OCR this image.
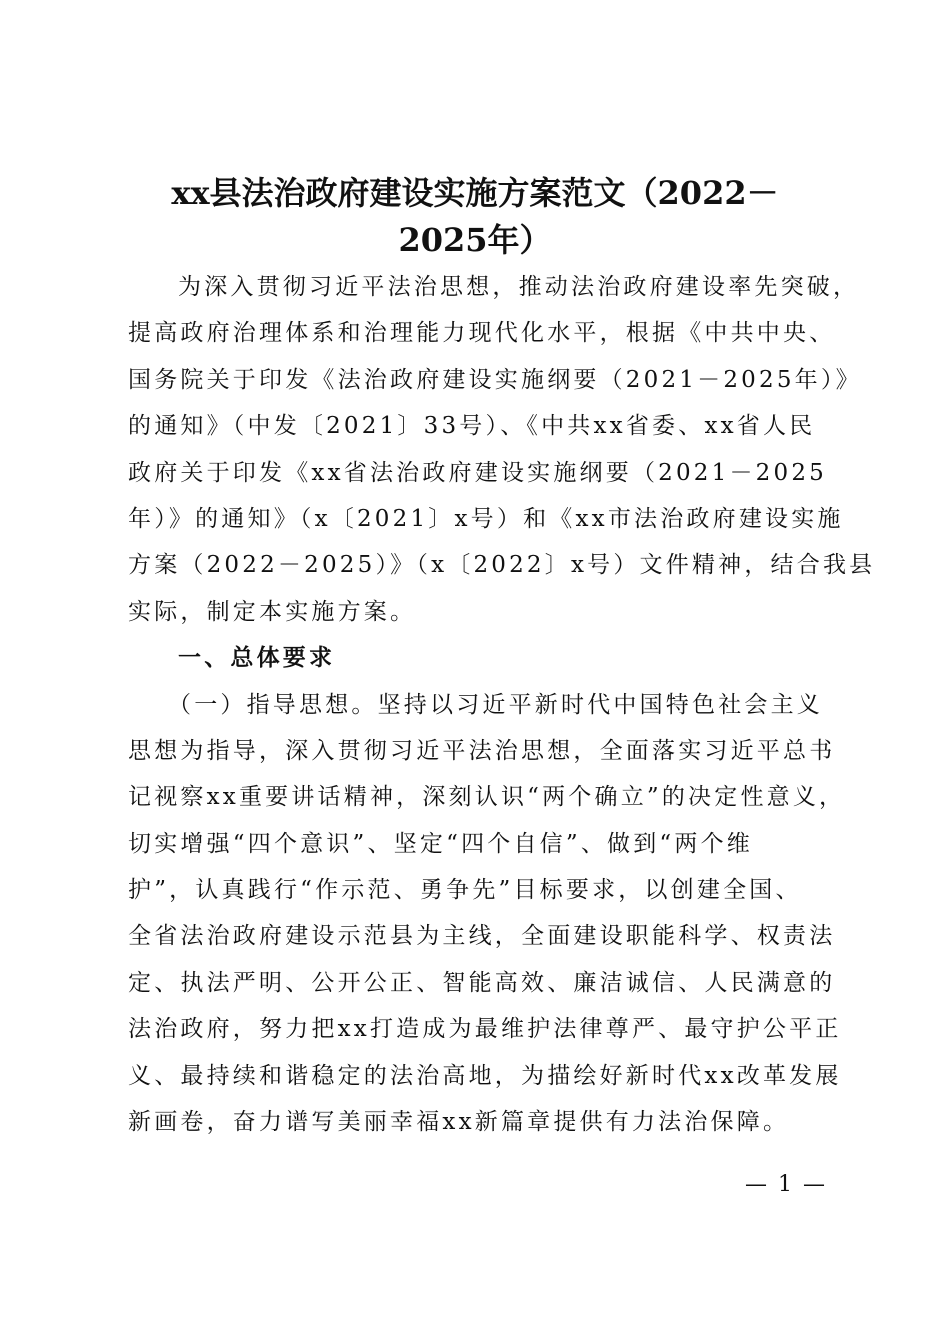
xx县法治政府建设实施方案范文（2022－
2025年）
为深入贯彻习近平法治思想，推动法治政府建设率先突破，
提高政府治理体系和治理能力现代化水平，根据《中共中央、
国务院关于印发《法治政府建设实施纲要（2021－2025年）》
的通知》（中发〔2021〕33号）、《中共xx省委、xx省人民
政府关于印发《xx省法治政府建设实施纲要（2021－2025
年）》的通知》（x〔2021〕x号）和《xx市法治政府建设实施
方案（2022－2025）》（x〔2022〕x号）文件精神，结合我县
实际，制定本实施方案。
一、总体要求
（一）指导思想。坚持以习近平新时代中国特色社会主义
思想为指导，深入贯彻习近平法治思想，全面落实习近平总书
记视察xx重要讲话精神，深刻认识“两个确立”的决定性意义，
切实增强“四个意识”、坚定“四个自信”、做到“两个维
护”，认真践行“作示范、勇争先”目标要求，以创建全国、
全省法治政府建设示范县为主线，全面建设职能科学、权责法
定、执法严明、公开公正、智能高效、廉洁诚信、人民满意的
法治政府，努力把xx打造成为最维护法律尊严、最守护公平正
义、最持续和谐稳定的法治高地，为描绘好新时代xx改革发展
新画卷，奋力谱写美丽幸福xx新篇章提供有力法治保障。
— 1 —
